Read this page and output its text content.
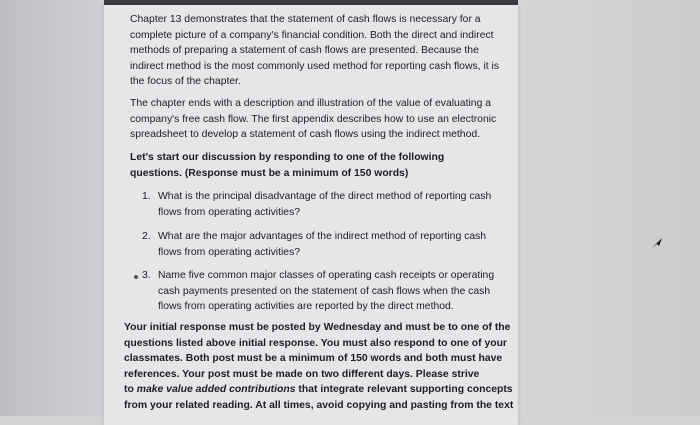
Chapter 13 demonstrates that the statement of cash flows is necessary for a
complete picture of a company's financial condition. Both the direct and indirect
methods of preparing a statement of cash flows are presented. Because the
indirect method is the most commonly used method for reporting cash flows, it is
the focus of the chapter.
The chapter ends with a description and illustration of the value of evaluating a
company's free cash flow. The first appendix describes how to use an electronic
spreadsheet to develop a statement of cash flows using the indirect method.
Let's start our discussion by responding to one of the following
questions. (Response must be a minimum of 150 words)
1. What is the principal disadvantage of the direct method of reporting cash
flows from operating activities?
2. What are the major advantages of the indirect method of reporting cash
flows from operating activities?
3. Name five common major classes of operating cash receipts or operating
cash payments presented on the statement of cash flows when the cash
flows from operating activities are reported by the direct method.
Your initial response must be posted by Wednesday and must be to one of the
questions listed above initial response. You must also respond to one of your
classmates. Both post must be a minimum of 150 words and both must have
references. Your post must be made on two different days. Please strive
to make value added contributions that integrate relevant supporting concepts
from your related reading. At all times, avoid copying and pasting from the text
